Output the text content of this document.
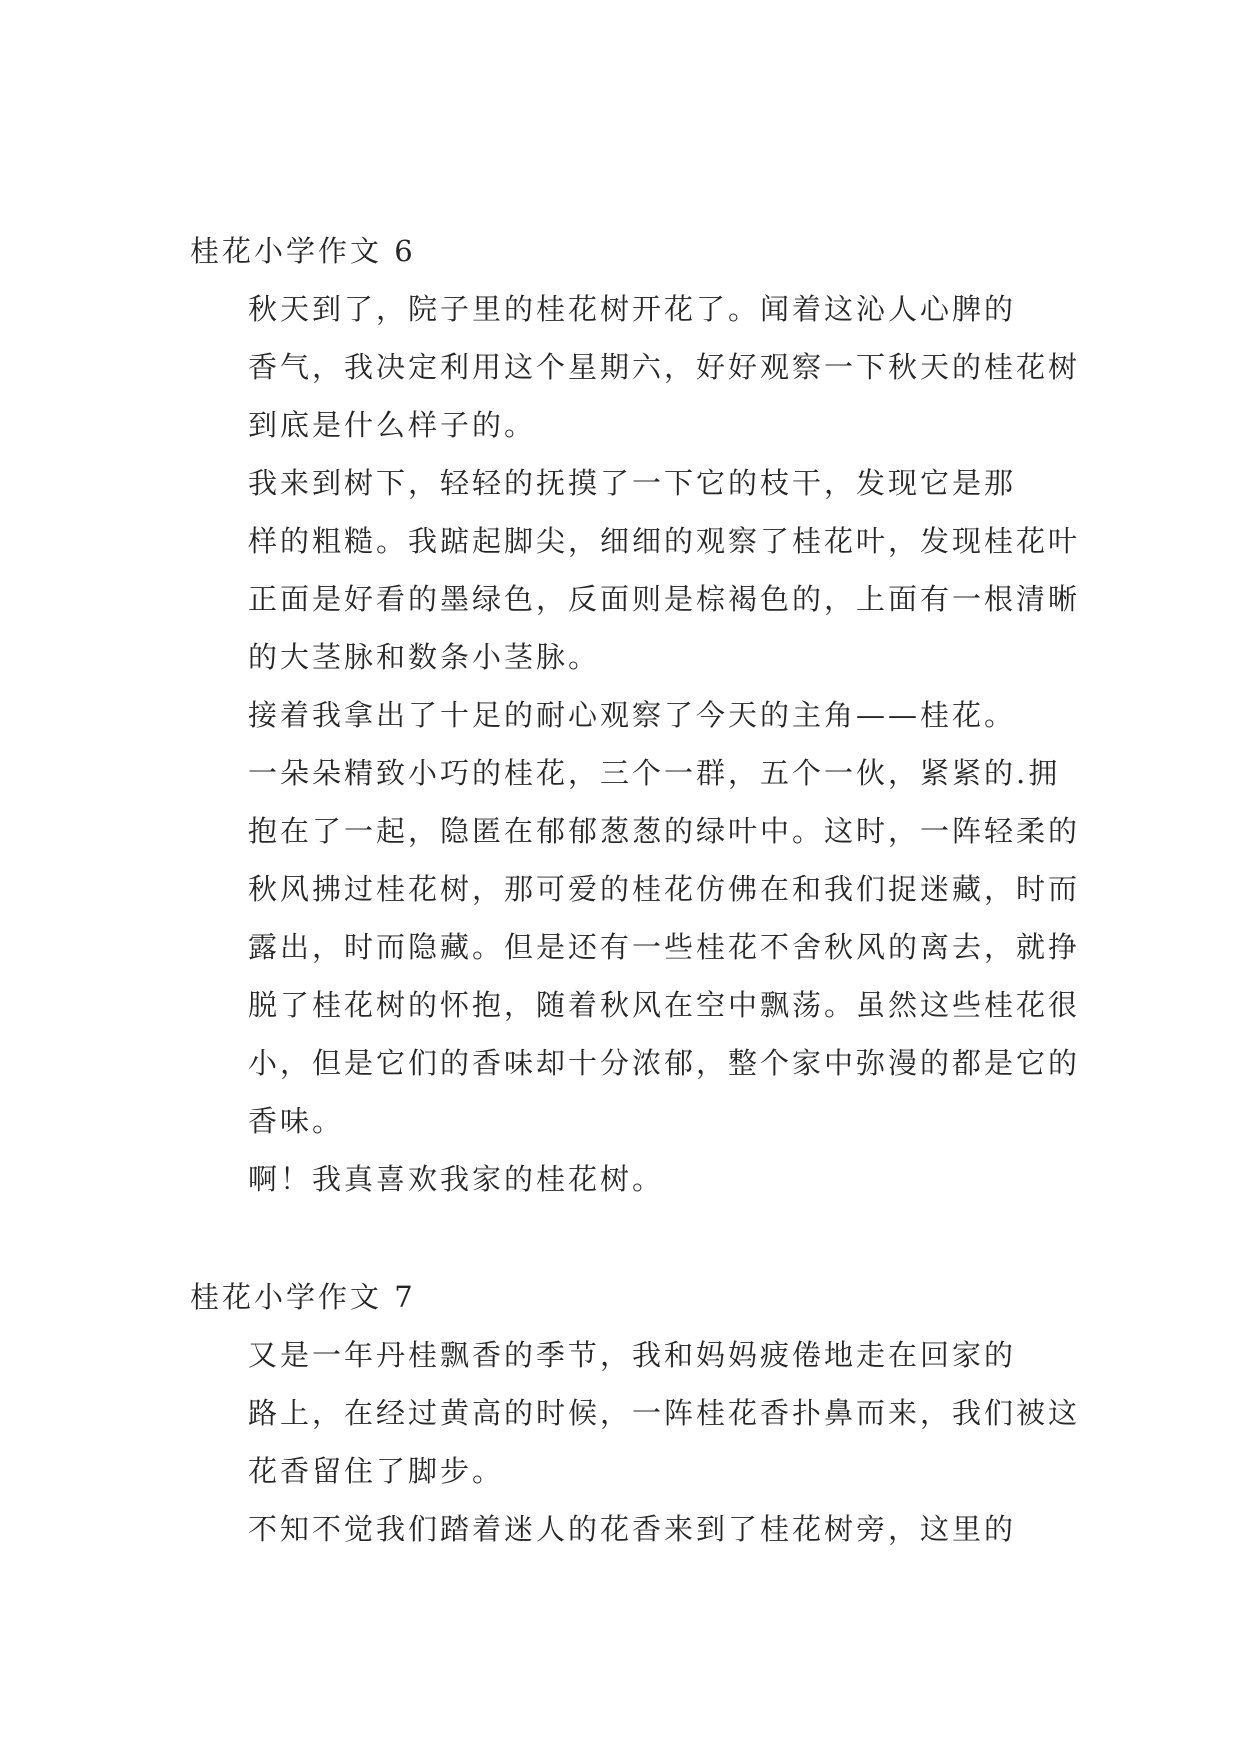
桂花小学作文 6

秋天到了，院子里的桂花树开花了。闻着这沁人心脾的
香气，我决定利用这个星期六，好好观察一下秋天的桂花树
到底是什么样子的。

我来到树下，轻轻的抚摸了一下它的枝干，发现它是那
样的粗糙。我踮起脚尖，细细的观察了桂花叶，发现桂花叶
正面是好看的墨绿色，反面则是棕褐色的，上面有一根清晰
的大茎脉和数条小茎脉。

接着我拿出了十足的耐心观察了今天的主角——桂花。
一朵朵精致小巧的桂花，三个一群，五个一伙，紧紧的.拥
抱在了一起，隐匿在郁郁葱葱的绿叶中。这时，一阵轻柔的
秋风拂过桂花树，那可爱的桂花仿佛在和我们捉迷藏，时而
露出，时而隐藏。但是还有一些桂花不舍秋风的离去，就挣
脱了桂花树的怀抱，随着秋风在空中飘荡。虽然这些桂花很
小，但是它们的香味却十分浓郁，整个家中弥漫的都是它的
香味。

啊！我真喜欢我家的桂花树。

桂花小学作文 7

又是一年丹桂飘香的季节，我和妈妈疲倦地走在回家的
路上，在经过黄高的时候，一阵桂花香扑鼻而来，我们被这
花香留住了脚步。

不知不觉我们踏着迷人的花香来到了桂花树旁，这里的
